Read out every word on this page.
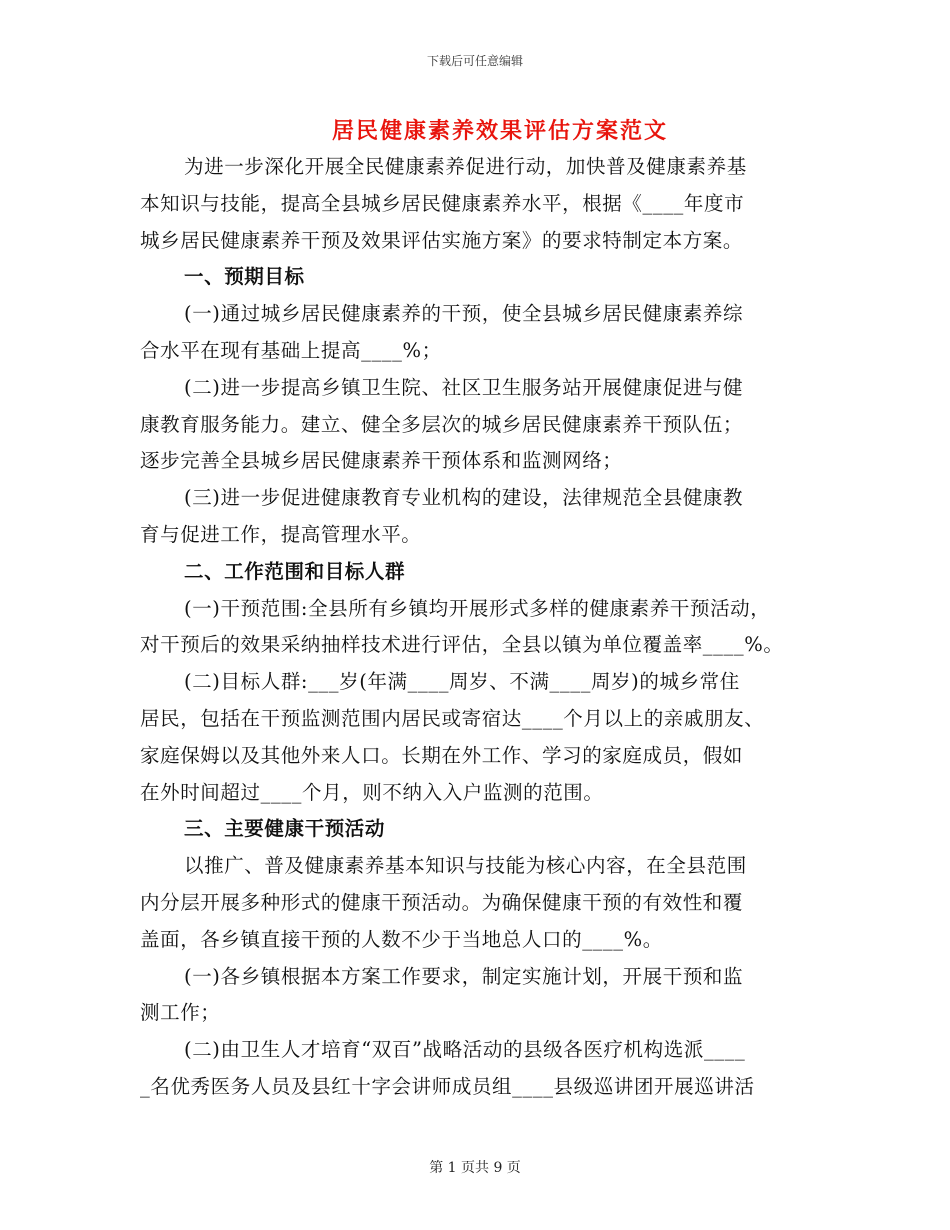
下载后可任意编辑
居民健康素养效果评估方案范文
为进一步深化开展全民健康素养促进行动，加快普及健康素养基
本知识与技能，提高全县城乡居民健康素养水平，根据《____年度市
城乡居民健康素养干预及效果评估实施方案》的要求特制定本方案。
一、预期目标
(一)通过城乡居民健康素养的干预，使全县城乡居民健康素养综
合水平在现有基础上提高____%；
(二)进一步提高乡镇卫生院、社区卫生服务站开展健康促进与健
康教育服务能力。建立、健全多层次的城乡居民健康素养干预队伍；
逐步完善全县城乡居民健康素养干预体系和监测网络；
(三)进一步促进健康教育专业机构的建设，法律规范全县健康教
育与促进工作，提高管理水平。
二、工作范围和目标人群
(一)干预范围:全县所有乡镇均开展形式多样的健康素养干预活动，
对干预后的效果采纳抽样技术进行评估，全县以镇为单位覆盖率____%。
(二)目标人群:___岁(年满____周岁、不满____周岁)的城乡常住
居民，包括在干预监测范围内居民或寄宿达____个月以上的亲戚朋友、
家庭保姆以及其他外来人口。长期在外工作、学习的家庭成员，假如
在外时间超过____个月，则不纳入入户监测的范围。
三、主要健康干预活动
以推广、普及健康素养基本知识与技能为核心内容，在全县范围
内分层开展多种形式的健康干预活动。为确保健康干预的有效性和覆
盖面，各乡镇直接干预的人数不少于当地总人口的____%。
(一)各乡镇根据本方案工作要求，制定实施计划，开展干预和监
测工作；
(二)由卫生人才培育“双百”战略活动的县级各医疗机构选派____
_名优秀医务人员及县红十字会讲师成员组____县级巡讲团开展巡讲活
第 1 页共 9 页
